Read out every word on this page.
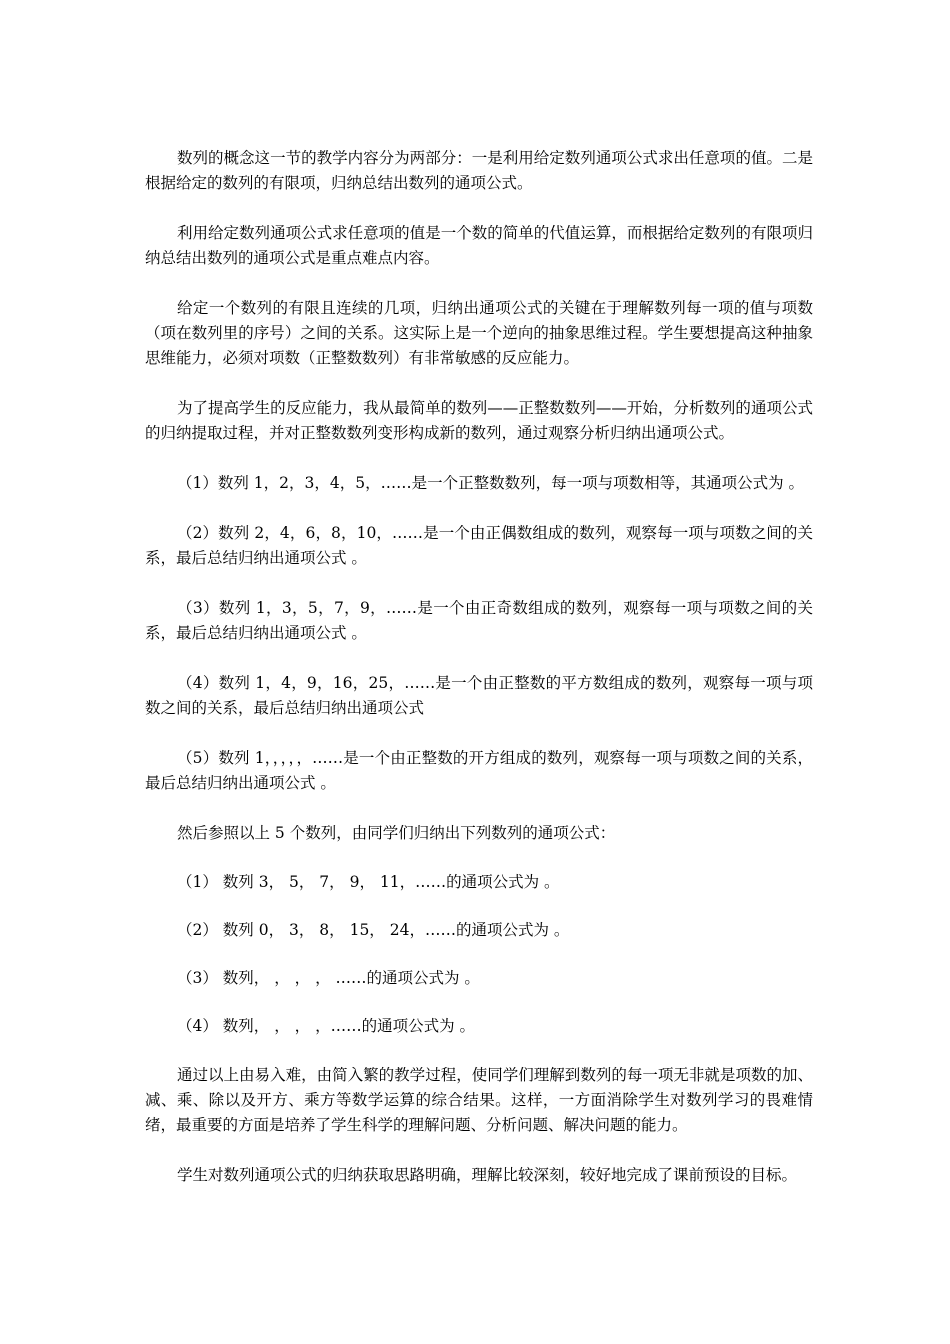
数列的概念这一节的教学内容分为两部分：一是利用给定数列通项公式求出任意项的值。二是根据给定的数列的有限项，归纳总结出数列的通项公式。

利用给定数列通项公式求任意项的值是一个数的简单的代值运算，而根据给定数列的有限项归纳总结出数列的通项公式是重点难点内容。

给定一个数列的有限且连续的几项，归纳出通项公式的关键在于理解数列每一项的值与项数（项在数列里的序号）之间的关系。这实际上是一个逆向的抽象思维过程。学生要想提高这种抽象思维能力，必须对项数（正整数数列）有非常敏感的反应能力。

为了提高学生的反应能力，我从最简单的数列——正整数数列——开始，分析数列的通项公式的归纳提取过程，并对正整数数列变形构成新的数列，通过观察分析归纳出通项公式。

（1）数列 1，2，3，4，5，……是一个正整数数列，每一项与项数相等，其通项公式为 。

（2）数列 2，4，6，8，10，……是一个由正偶数组成的数列，观察每一项与项数之间的关系，最后总结归纳出通项公式 。

（3）数列 1，3，5，7，9，……是一个由正奇数组成的数列，观察每一项与项数之间的关系，最后总结归纳出通项公式 。

（4）数列 1，4，9，16，25，……是一个由正整数的平方数组成的数列，观察每一项与项数之间的关系，最后总结归纳出通项公式

（5）数列 1，，，，，……是一个由正整数的开方组成的数列，观察每一项与项数之间的关系，最后总结归纳出通项公式 。

然后参照以上 5 个数列，由同学们归纳出下列数列的通项公式：

（1） 数列 3， 5， 7， 9， 11，……的通项公式为 。

（2） 数列 0， 3， 8， 15， 24，……的通项公式为 。

（3） 数列， ， ， ， ……的通项公式为 。

（4） 数列， ， ， ，……的通项公式为 。

通过以上由易入难，由简入繁的教学过程，使同学们理解到数列的每一项无非就是项数的加、减、乘、除以及开方、乘方等数学运算的综合结果。这样，一方面消除学生对数列学习的畏难情绪，最重要的方面是培养了学生科学的理解问题、分析问题、解决问题的能力。

学生对数列通项公式的归纳获取思路明确，理解比较深刻，较好地完成了课前预设的目标。
